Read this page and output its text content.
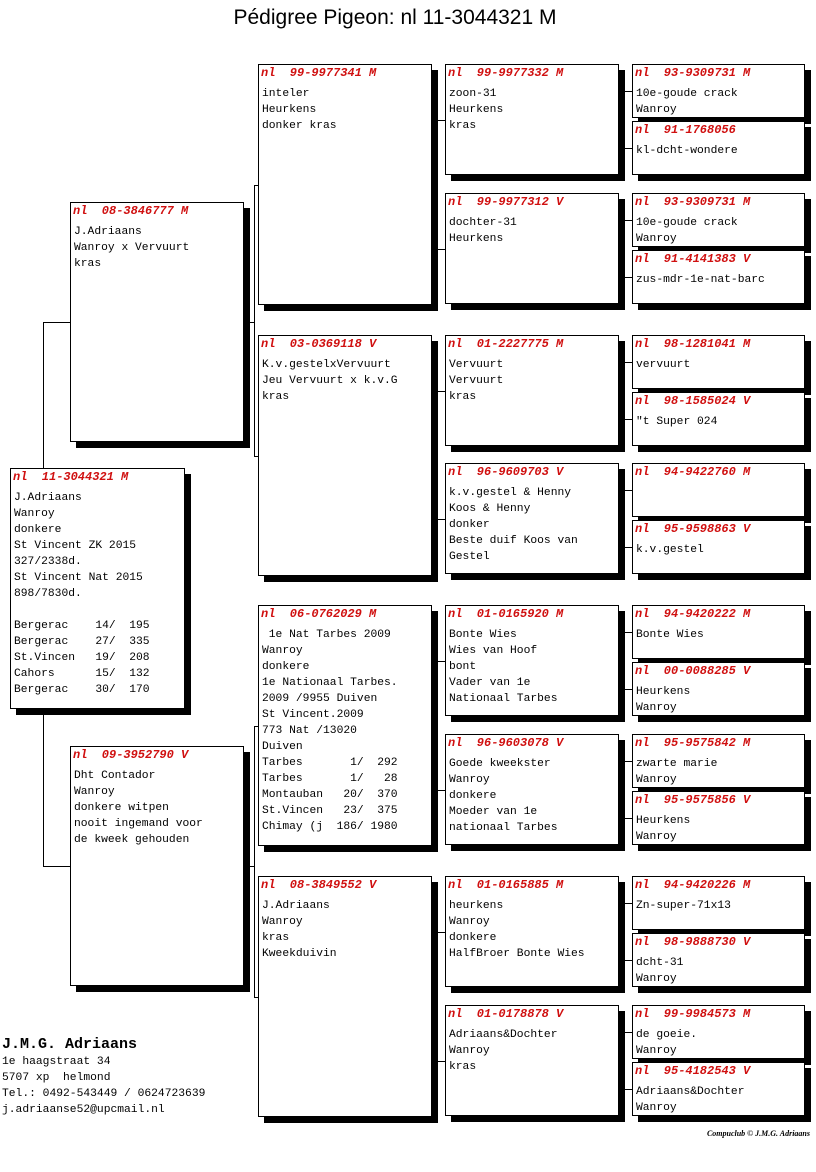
Pédigree Pigeon: nl 11-3044321 M
nl  11-3044321 M
J.Adriaans
Wanroy
donkere
St Vincent ZK 2015
327/2338d.
St Vincent Nat 2015
898/7830d.

Bergerac    14/  195
Bergerac    27/  335
St.Vincen   19/  208
Cahors      15/  132
Bergerac    30/  170
nl  08-3846777 M
J.Adriaans
Wanroy x Vervuurt
kras
nl  09-3952790 V
Dht Contador
Wanroy
donkere witpen
nooit ingemand voor
de kweek gehouden
nl  99-9977341 M
inteler
Heurkens
donker kras
nl  03-0369118 V
K.v.gestelxVervuurt
Jeu Vervuurt x k.v.G
kras
nl  06-0762029 M
1e Nat Tarbes 2009
Wanroy
donkere
1e Nationaal Tarbes.
2009 /9955 Duiven
St Vincent.2009
773 Nat /13020
Duiven
Tarbes       1/  292
Tarbes       1/   28
Montauban   20/  370
St.Vincen   23/  375
Chimay (j  186/ 1980
nl  08-3849552 V
J.Adriaans
Wanroy
kras
Kweekduivin
nl  99-9977332 M
zoon-31
Heurkens
kras
nl  99-9977312 V
dochter-31
Heurkens
nl  01-2227775 M
Vervuurt
Vervuurt
kras
nl  96-9609703 V
k.v.gestel & Henny
Koos & Henny
donker
Beste duif Koos van
Gestel
nl  01-0165920 M
Bonte Wies
Wies van Hoof
bont
Vader van 1e
Nationaal Tarbes
nl  96-9603078 V
Goede kweekster
Wanroy
donkere
Moeder van 1e
nationaal Tarbes
nl  01-0165885 M
heurkens
Wanroy
donkere
HalfBroer Bonte Wies
nl  01-0178878 V
Adriaans&Dochter
Wanroy
kras
nl  93-9309731 M
10e-goude crack
Wanroy
nl  91-1768056
kl-dcht-wondere
nl  93-9309731 M
10e-goude crack
Wanroy
nl  91-4141383 V
zus-mdr-1e-nat-barc
nl  98-1281041 M
vervuurt
nl  98-1585024 V
"t Super 024
nl  94-9422760 M
nl  95-9598863 V
k.v.gestel
nl  94-9420222 M
Bonte Wies
nl  00-0088285 V
Heurkens
Wanroy
nl  95-9575842 M
zwarte marie
Wanroy
nl  95-9575856 V
Heurkens
Wanroy
nl  94-9420226 M
Zn-super-71x13
nl  98-9888730 V
dcht-31
Wanroy
nl  99-9984573 M
de goeie.
Wanroy
nl  95-4182543 V
Adriaans&Dochter
Wanroy
J.M.G. Adriaans
1e haagstraat 34
5707 xp  helmond
Tel.: 0492-543449 / 0624723639
j.adriaanse52@upcmail.nl
Compuclub © J.M.G. Adriaans
